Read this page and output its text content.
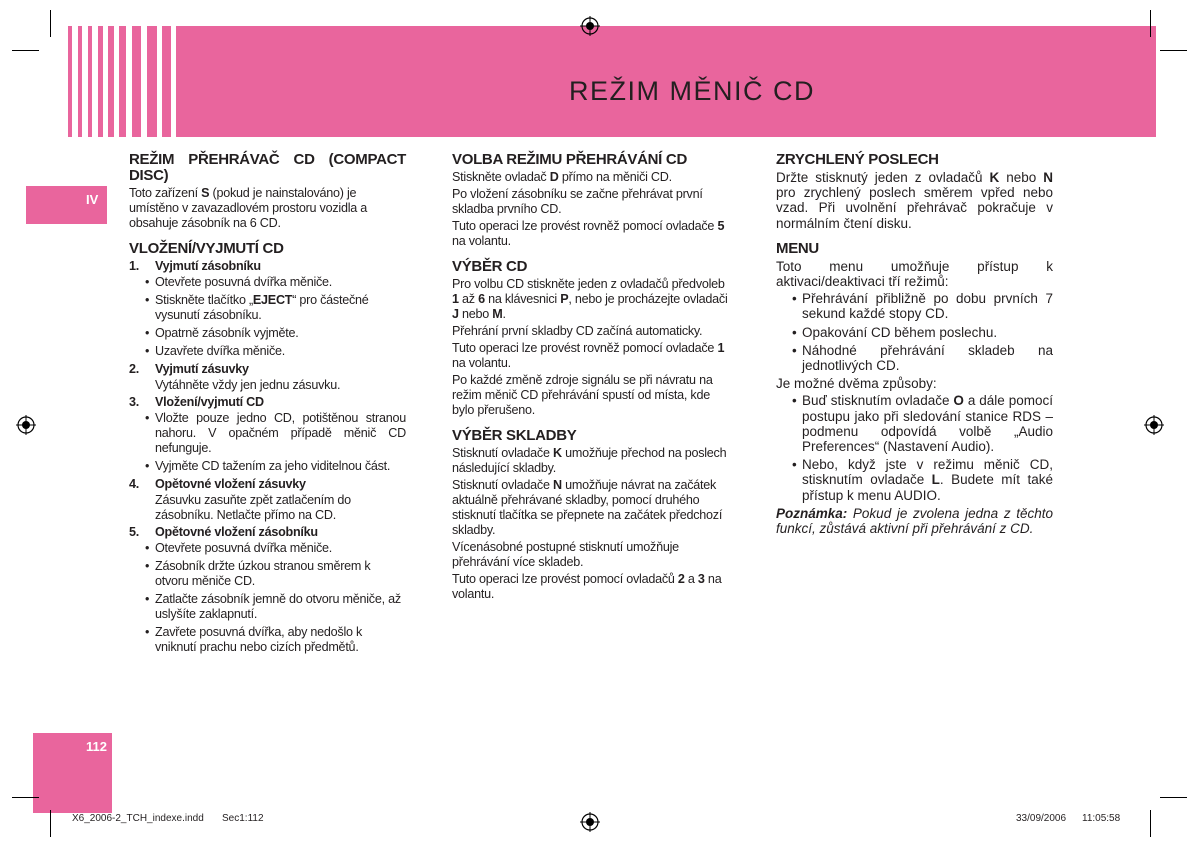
REŽIM MĚNIČ CD
IV
112
REŽIM PŘEHRÁVAČ CD (COMPACT DISC)

Toto zařízení S (pokud je nainstalováno) je umístěno v zavazadlovém prostoru vozidla a obsahuje zásobník na 6 CD.

VLOŽENÍ/VYJMUTÍ CD
1.	Vyjmutí zásobníku
• Otevřete posuvná dvířka měniče.
• Stiskněte tlačítko „EJECT“ pro částečné vysunutí zásobníku.
• Opatrně zásobník vyjměte.
• Uzavřete dvířka měniče.
2.	Vyjmutí zásuvky
Vytáhněte vždy jen jednu zásuvku.
3.	Vložení/vyjmutí CD
• Vložte pouze jedno CD, potištěnou stranou nahoru. V opačném případě měnič CD nefunguje.
• Vyjměte CD tažením za jeho viditelnou část.
4.	Opětovné vložení zásuvky
Zásuvku zasuňte zpět zatlačením do zásobníku. Netlačte přímo na CD.
5.	Opětovné vložení zásobníku
• Otevřete posuvná dvířka měniče.
• Zásobník držte úzkou stranou směrem k otvoru měniče CD.
• Zatlačte zásobník jemně do otvoru měniče, až uslyšíte zaklapnutí.
• Zavřete posuvná dvířka, aby nedošlo k vniknutí prachu nebo cizích předmětů.
VOLBA REŽIMU PŘEHRÁVÁNÍ CD

Stiskněte ovladač D přímo na měniči CD.

Po vložení zásobníku se začne přehrávat první skladba prvního CD.

Tuto operaci lze provést rovněž pomocí ovladače 5 na volantu.

VÝBĚR CD

Pro volbu CD stiskněte jeden z ovladačů předvoleb 1 až 6 na klávesnici P, nebo je procházejte ovladači J nebo M.

Přehrání první skladby CD začíná automaticky.

Tuto operaci lze provést rovněž pomocí ovladače 1 na volantu.

Po každé změně zdroje signálu se při návratu na režim měnič CD přehrávání spustí od místa, kde bylo přerušeno.

VÝBĚR SKLADBY

Stisknutí ovladače K umožňuje přechod na poslech následující skladby.

Stisknutí ovladače N umožňuje návrat na začátek aktuálně přehrávané skladby, pomocí druhého stisknutí tlačítka se přepnete na začátek předchozí skladby.

Vícenásobné postupné stisknutí umožňuje přehrávání více skladeb.

Tuto operaci lze provést pomocí ovladačů 2 a 3 na volantu.

ZRYCHLENÝ POSLECH

Držte stisknutý jeden z ovladačů K nebo N pro zrychlený poslech směrem vpřed nebo vzad. Při uvolnění přehrávač pokračuje v normálním čtení disku.

MENU

Toto menu umožňuje přístup k aktivaci/deaktivaci tří režimů:

• Přehrávání přibližně po dobu prvních 7 sekund každé stopy CD.
• Opakování CD během poslechu.
• Náhodné přehrávání skladeb na jednotlivých CD.

Je možné dvěma způsoby:

• Buď stisknutím ovladače O a dále pomocí postupu jako při sledování stanice RDS – podmenu odpovídá volbě „Audio Preferences“ (Nastavení Audio).
• Nebo, když jste v režimu měnič CD, stisknutím ovladače L. Budete mít také přístup k menu AUDIO.

Poznámka: Pokud je zvolena jedna z těchto funkcí, zůstává aktivní při přehrávání z CD.

X6_2006-2_TCH_indexe.indd Sec1:112	33/09/2006 11:05:58
